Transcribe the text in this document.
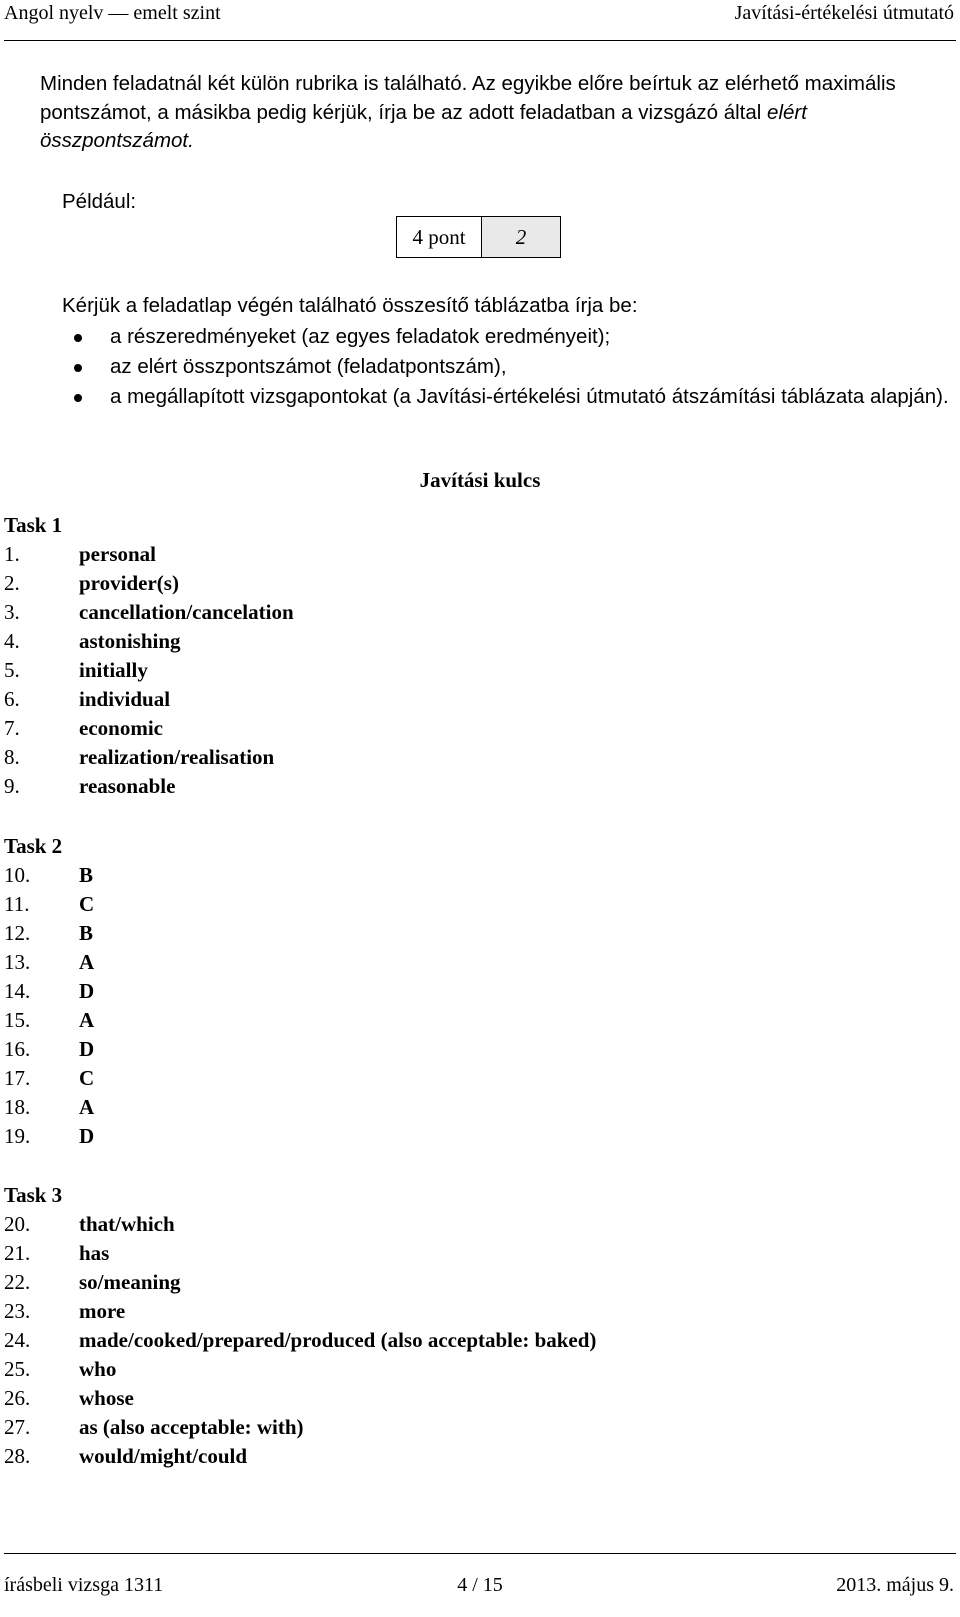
Angol nyelv — emelt szint	Javítási-értékelési útmutató
Minden feladatnál két külön rubrika is található. Az egyikbe előre beírtuk az elérhető maximális pontszámot, a másikba pedig kérjük, írja be az adott feladatban a vizsgázó által elért összpontszámot.
Például:
4 pont	2
Kérjük a feladatlap végén található összesítő táblázatba írja be:
a részeredményeket (az egyes feladatok eredményeit);
az elért összpontszámot (feladatpontszám),
a megállapított vizsgapontokat (a Javítási-értékelési útmutató átszámítási táblázata alapján).
Javítási kulcs
Task 1
1.	personal
2.	provider(s)
3.	cancellation/cancelation
4.	astonishing
5.	initially
6.	individual
7.	economic
8.	realization/realisation
9.	reasonable
Task 2
10.	B
11.	C
12.	B
13.	A
14.	D
15.	A
16.	D
17.	C
18.	A
19.	D
Task 3
20.	that/which
21.	has
22.	so/meaning
23.	more
24.	made/cooked/prepared/produced (also acceptable: baked)
25.	who
26.	whose
27.	as (also acceptable: with)
28.	would/might/could
írásbeli vizsga 1311	4 / 15	2013. május 9.
